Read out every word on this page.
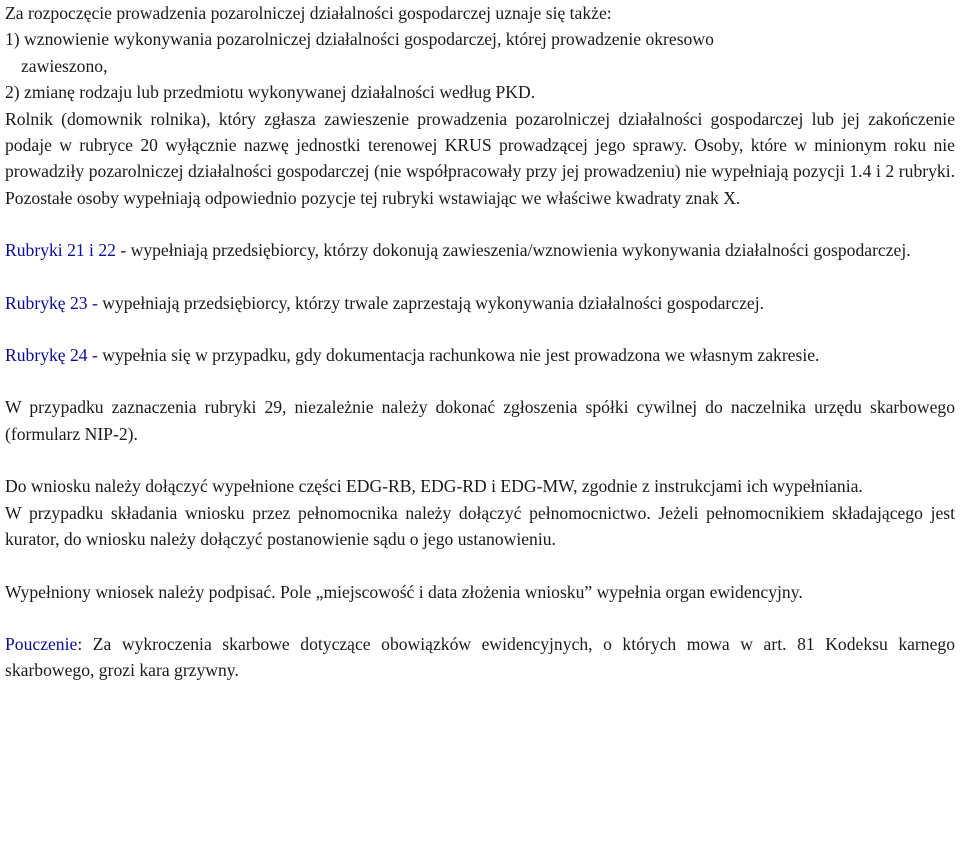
Za rozpoczęcie prowadzenia pozarolniczej działalności gospodarczej uznaje się także:
1) wznowienie wykonywania pozarolniczej działalności gospodarczej, której prowadzenie okresowo
zawieszono,
2) zmianę rodzaju lub przedmiotu wykonywanej działalności według PKD.

Rolnik (domownik rolnika), który zgłasza zawieszenie prowadzenia pozarolniczej działalności gospodarczej lub jej zakończenie podaje w rubryce 20 wyłącznie nazwę jednostki terenowej KRUS prowadzącej jego sprawy. Osoby, które w minionym roku nie prowadziły pozarolniczej działalności gospodarczej (nie współpracowały przy jej prowadzeniu) nie wypełniają pozycji 1.4 i 2 rubryki. Pozostałe osoby wypełniają odpowiednio pozycje tej rubryki wstawiając we właściwe kwadraty znak X.

Rubryki 21 i 22 - wypełniają przedsiębiorcy, którzy dokonują zawieszenia/wznowienia wykonywania działalności gospodarczej.

Rubrykę 23 - wypełniają przedsiębiorcy, którzy trwale zaprzestają wykonywania działalności gospodarczej.

Rubrykę 24 - wypełnia się w przypadku, gdy dokumentacja rachunkowa nie jest prowadzona we własnym zakresie.

W przypadku zaznaczenia rubryki 29, niezależnie należy dokonać zgłoszenia spółki cywilnej do naczelnika urzędu skarbowego (formularz NIP-2).

Do wniosku należy dołączyć wypełnione części EDG-RB, EDG-RD i EDG-MW, zgodnie z instrukcjami ich wypełniania.

W przypadku składania wniosku przez pełnomocnika należy dołączyć pełnomocnictwo. Jeżeli pełnomocnikiem składającego jest kurator, do wniosku należy dołączyć postanowienie sądu o jego ustanowieniu.

Wypełniony wniosek należy podpisać. Pole „miejscowość i data złożenia wniosku” wypełnia organ ewidencyjny.

Pouczenie: Za wykroczenia skarbowe dotyczące obowiązków ewidencyjnych, o których mowa w art. 81 Kodeksu karnego skarbowego, grozi kara grzywny.
